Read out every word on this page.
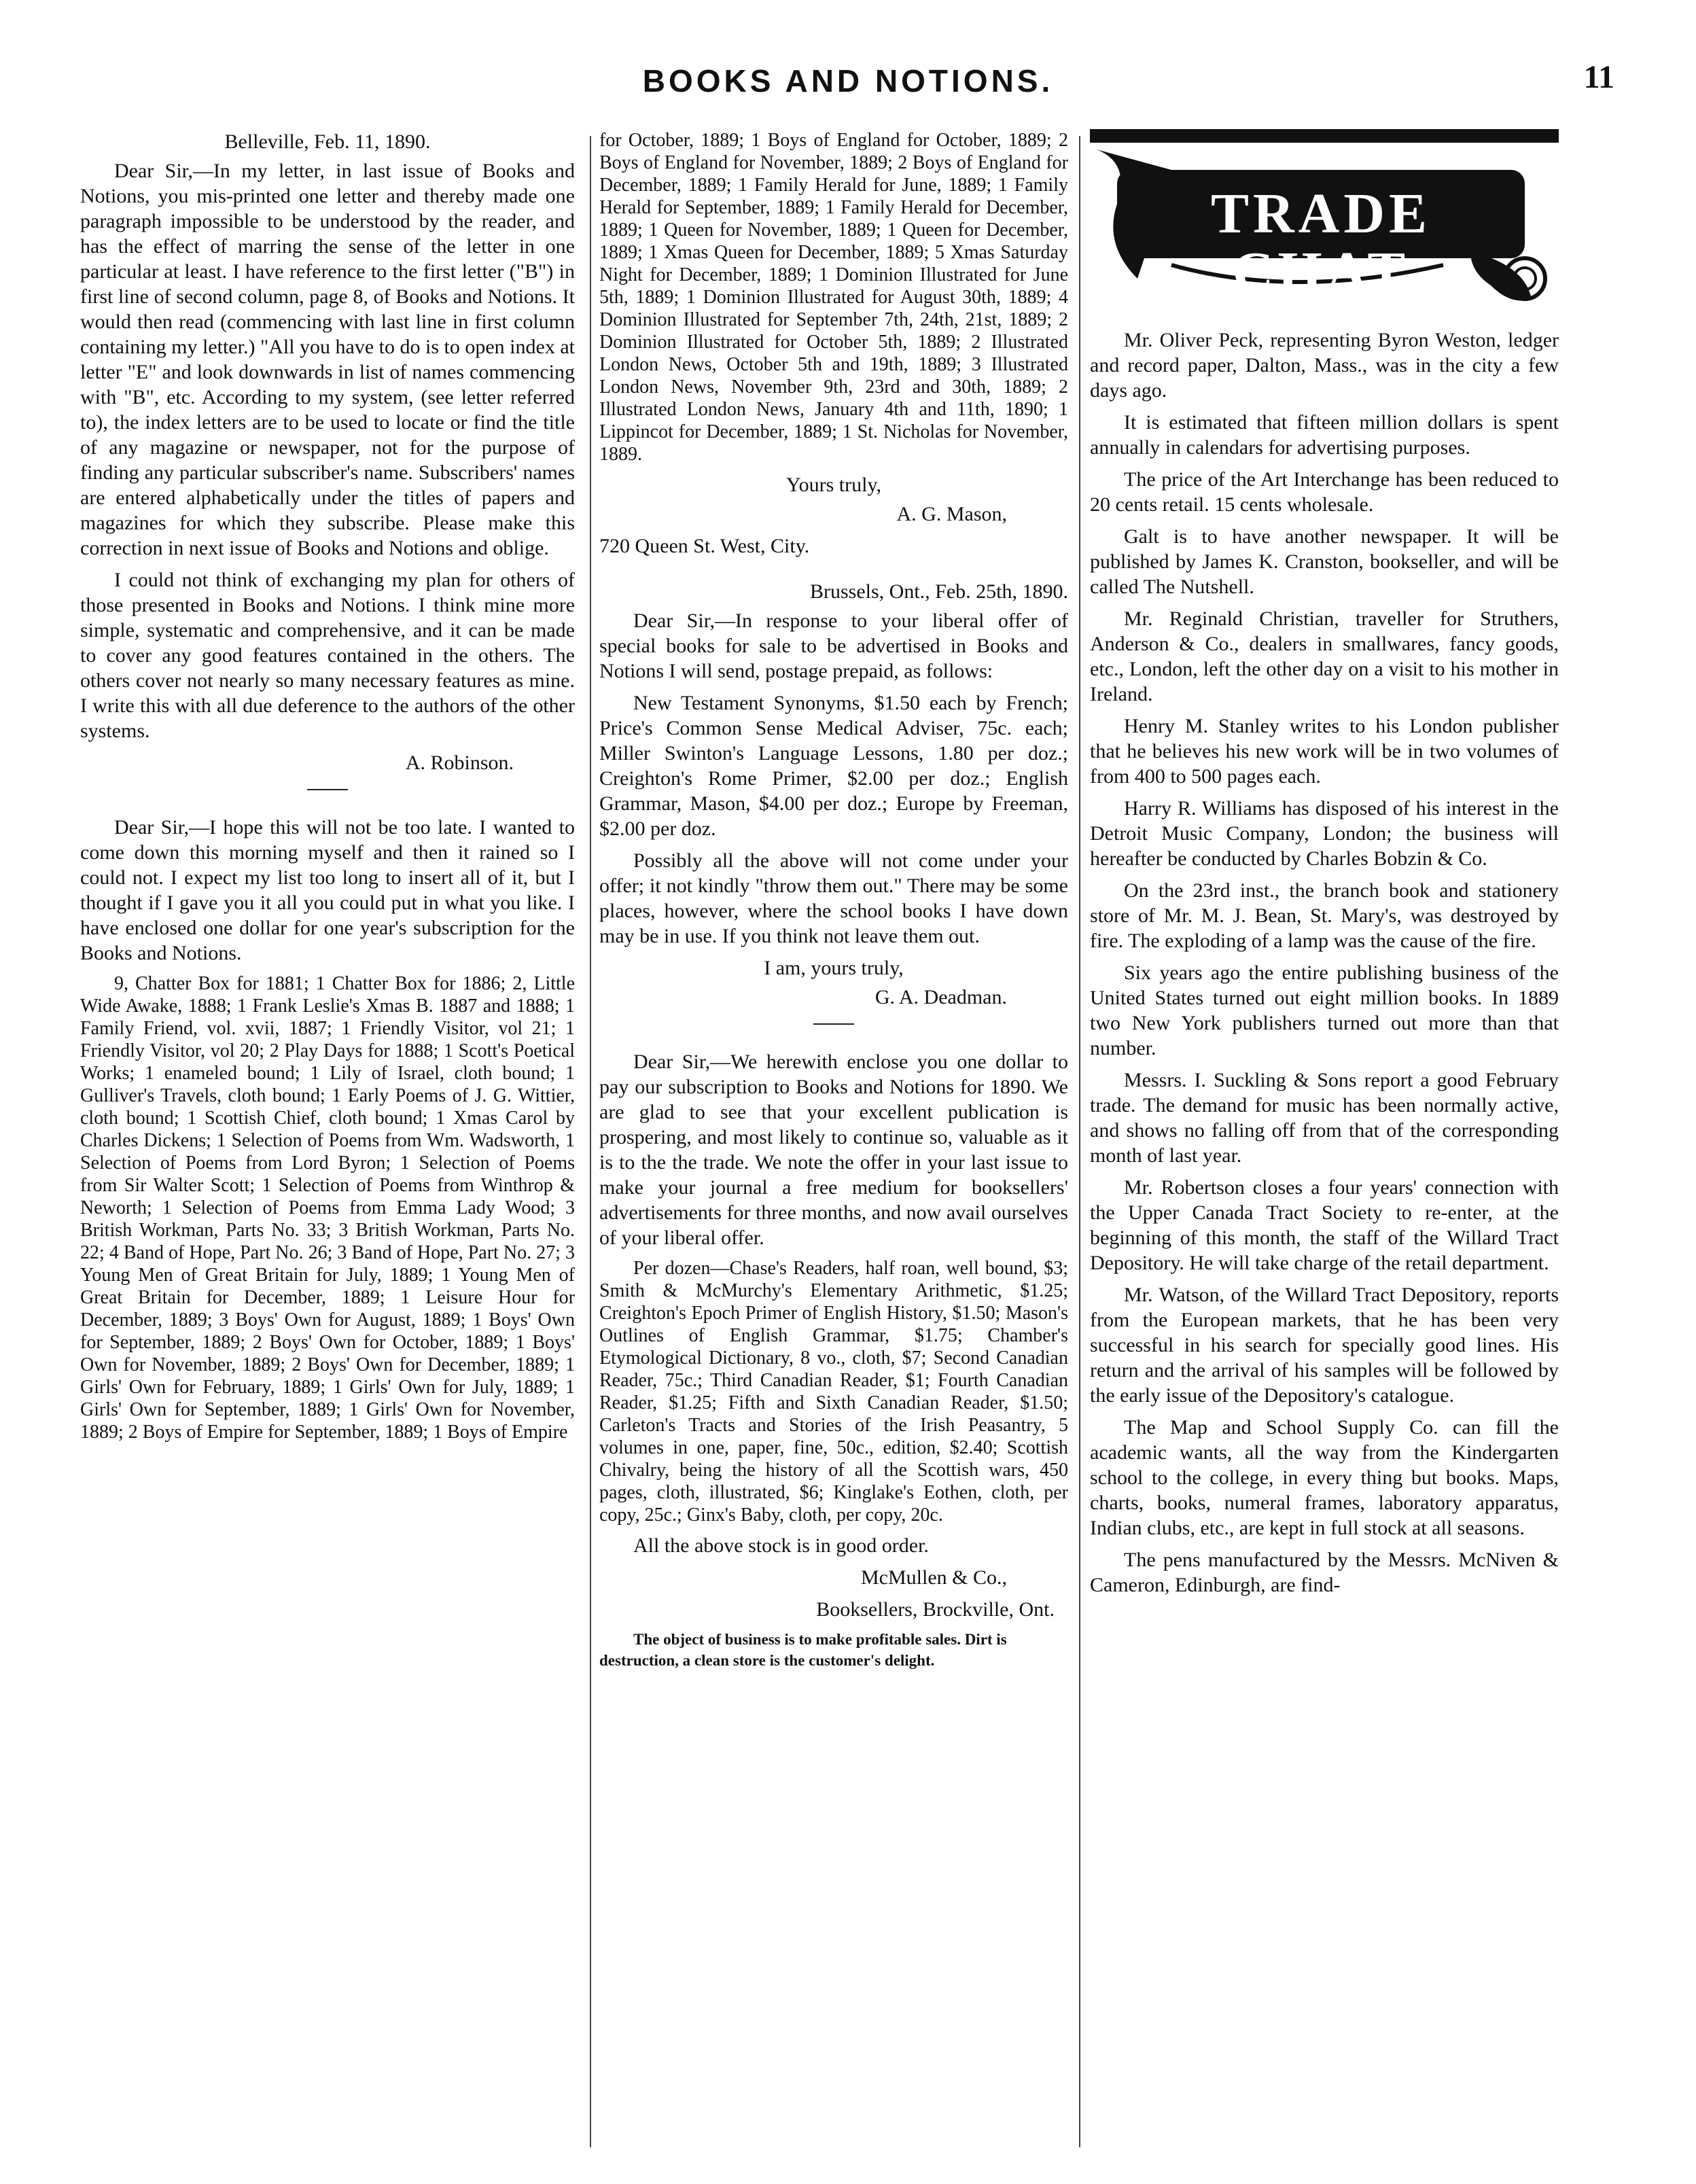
BOOKS AND NOTIONS.	11

Belleville, Feb. 11, 1890.

Dear Sir,—In my letter, in last issue of Books and Notions, you mis-printed one letter and thereby made one paragraph impossible to be understood by the reader, and has the effect of marring the sense of the letter in one particular at least. I have reference to the first letter ("B") in first line of second column, page 8, of Books and Notions. It would then read (commencing with last line in first column containing my letter.) "All you have to do is to open index at letter "E" and look downwards in list of names commencing with "B", etc. According to my system, (see letter referred to), the index letters are to be used to locate or find the title of any magazine or newspaper, not for the purpose of finding any particular subscriber's name. Subscribers' names are entered alphabetically under the titles of papers and magazines for which they subscribe. Please make this correction in next issue of Books and Notions and oblige.

I could not think of exchanging my plan for others of those presented in Books and Notions. I think mine more simple, systematic and comprehensive, and it can be made to cover any good features contained in the others. The others cover not nearly so many necessary features as mine. I write this with all due deference to the authors of the other systems.

A. Robinson.

Dear Sir,—I hope this will not be too late. I wanted to come down this morning myself and then it rained so I could not. I expect my list too long to insert all of it, but I thought if I gave you it all you could put in what you like. I have enclosed one dollar for one year's subscription for the Books and Notions.

9, Chatter Box for 1881; 1 Chatter Box for 1886; 2, Little Wide Awake, 1888; 1 Frank Leslie's Xmas B. 1887 and 1888; 1 Family Friend, vol. xvii, 1887; 1 Friendly Visitor, vol 21; 1 Friendly Visitor, vol 20; 2 Play Days for 1888; 1 Scott's Poetical Works; 1 enameled bound; 1 Lily of Israel, cloth bound; 1 Gulliver's Travels, cloth bound; 1 Early Poems of J. G. Wittier, cloth bound; 1 Scottish Chief, cloth bound; 1 Xmas Carol by Charles Dickens; 1 Selection of Poems from Wm. Wadsworth, 1 Selection of Poems from Lord Byron; 1 Selection of Poems from Sir Walter Scott; 1 Selection of Poems from Winthrop & Neworth; 1 Selection of Poems from Emma Lady Wood; 3 British Workman, Parts No. 33; 3 British Workman, Parts No. 22; 4 Band of Hope, Part No. 26; 3 Band of Hope, Part No. 27; 3 Young Men of Great Britain for July, 1889; 1 Young Men of Great Britain for December, 1889; 1 Leisure Hour for December, 1889; 3 Boys' Own for August, 1889; 1 Boys' Own for September, 1889; 2 Boys' Own for October, 1889; 1 Boys' Own for November, 1889; 2 Boys' Own for December, 1889; 1 Girls' Own for February, 1889; 1 Girls' Own for July, 1889; 1 Girls' Own for September, 1889; 1 Girls' Own for November, 1889; 2 Boys of Empire for September, 1889; 1 Boys of Empire

for October, 1889; 1 Boys of England for October, 1889; 2 Boys of England for November, 1889; 2 Boys of England for December, 1889; 1 Family Herald for June, 1889; 1 Family Herald for September, 1889; 1 Family Herald for December, 1889; 1 Queen for November, 1889; 1 Queen for December, 1889; 1 Xmas Queen for December, 1889; 5 Xmas Saturday Night for December, 1889; 1 Dominion Illustrated for June 5th, 1889; 1 Dominion Illustrated for August 30th, 1889; 4 Dominion Illustrated for September 7th, 24th, 21st, 1889; 2 Dominion Illustrated for October 5th, 1889; 2 Illustrated London News, October 5th and 19th, 1889; 3 Illustrated London News, November 9th, 23rd and 30th, 1889; 2 Illustrated London News, January 4th and 11th, 1890; 1 Lippincot for December, 1889; 1 St. Nicholas for November, 1889.

Yours truly,

A. G. Mason,

720 Queen St. West, City.

Brussels, Ont., Feb. 25th, 1890.

Dear Sir,—In response to your liberal offer of special books for sale to be advertised in Books and Notions I will send, postage prepaid, as follows:

New Testament Synonyms, $1.50 each by French; Price's Common Sense Medical Adviser, 75c. each; Miller Swinton's Language Lessons, 1.80 per doz.; Creighton's Rome Primer, $2.00 per doz.; English Grammar, Mason, $4.00 per doz.; Europe by Freeman, $2.00 per doz.

Possibly all the above will not come under your offer; it not kindly "throw them out." There may be some places, however, where the school books I have down may be in use. If you think not leave them out.

I am, yours truly,

G. A. Deadman.

Dear Sir,—We herewith enclose you one dollar to pay our subscription to Books and Notions for 1890. We are glad to see that your excellent publication is prospering, and most likely to continue so, valuable as it is to the the trade. We note the offer in your last issue to make your journal a free medium for booksellers' advertisements for three months, and now avail ourselves of your liberal offer.

Per dozen—Chase's Readers, half roan, well bound, $3; Smith & McMurchy's Elementary Arithmetic, $1.25; Creighton's Epoch Primer of English History, $1.50; Mason's Outlines of English Grammar, $1.75; Chamber's Etymological Dictionary, 8 vo., cloth, $7; Second Canadian Reader, 75c.; Third Canadian Reader, $1; Fourth Canadian Reader, $1.25; Fifth and Sixth Canadian Reader, $1.50; Carleton's Tracts and Stories of the Irish Peasantry, 5 volumes in one, paper, fine, 50c., edition, $2.40; Scottish Chivalry, being the history of all the Scottish wars, 450 pages, cloth, illustrated, $6; Kinglake's Eothen, cloth, per copy, 25c.; Ginx's Baby, cloth, per copy, 20c.

All the above stock is in good order.

McMullen & Co.,

Booksellers, Brockville, Ont.

The object of business is to make profitable sales. Dirt is destruction, a clean store is the customer's delight.

TRADE CHAT

Mr. Oliver Peck, representing Byron Weston, ledger and record paper, Dalton, Mass., was in the city a few days ago.

It is estimated that fifteen million dollars is spent annually in calendars for advertising purposes.

The price of the Art Interchange has been reduced to 20 cents retail. 15 cents wholesale.

Galt is to have another newspaper. It will be published by James K. Cranston, bookseller, and will be called The Nutshell.

Mr. Reginald Christian, traveller for Struthers, Anderson & Co., dealers in smallwares, fancy goods, etc., London, left the other day on a visit to his mother in Ireland.

Henry M. Stanley writes to his London publisher that he believes his new work will be in two volumes of from 400 to 500 pages each.

Harry R. Williams has disposed of his interest in the Detroit Music Company, London; the business will hereafter be conducted by Charles Bobzin & Co.

On the 23rd inst., the branch book and stationery store of Mr. M. J. Bean, St. Mary's, was destroyed by fire. The exploding of a lamp was the cause of the fire.

Six years ago the entire publishing business of the United States turned out eight million books. In 1889 two New York publishers turned out more than that number.

Messrs. I. Suckling & Sons report a good February trade. The demand for music has been normally active, and shows no falling off from that of the corresponding month of last year.

Mr. Robertson closes a four years' connection with the Upper Canada Tract Society to re-enter, at the beginning of this month, the staff of the Willard Tract Depository. He will take charge of the retail department.

Mr. Watson, of the Willard Tract Depository, reports from the European markets, that he has been very successful in his search for specially good lines. His return and the arrival of his samples will be followed by the early issue of the Depository's catalogue.

The Map and School Supply Co. can fill the academic wants, all the way from the Kindergarten school to the college, in every thing but books. Maps, charts, books, numeral frames, laboratory apparatus, Indian clubs, etc., are kept in full stock at all seasons.

The pens manufactured by the Messrs. McNiven & Cameron, Edinburgh, are find-
